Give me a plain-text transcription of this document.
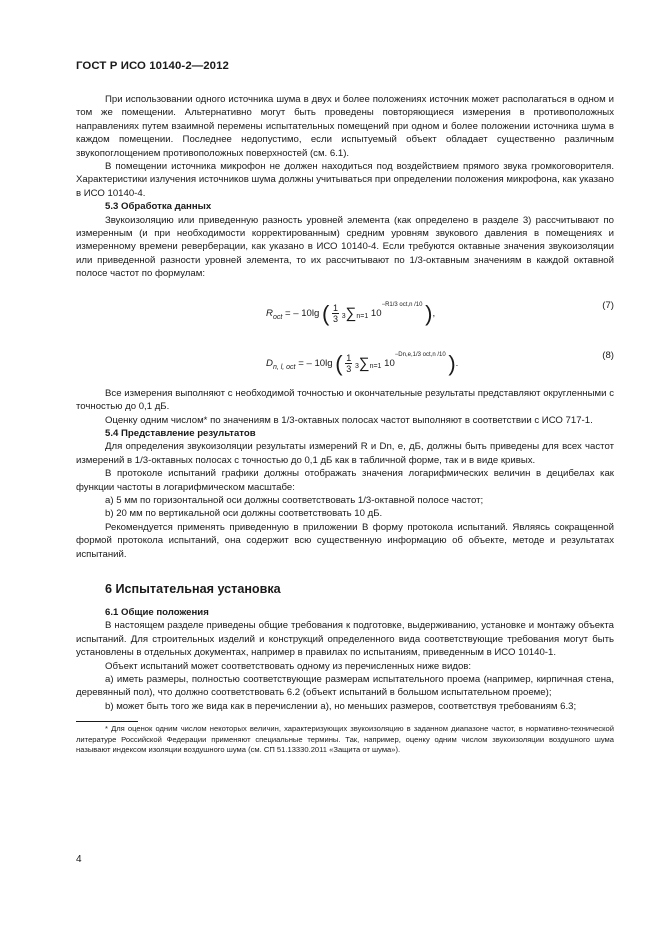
ГОСТ Р ИСО 10140-2—2012

При использовании одного источника шума в двух и более положениях источник может располагаться в одном и том же помещении. Альтернативно могут быть проведены повторяющиеся измерения в противоположных направлениях путем взаимной перемены испытательных помещений при одном и более положении источника шума в каждом помещении. Последнее недопустимо, если испытуемый объект обладает существенно различным звукопоглощением противоположных поверхностей (см. 6.1).

В помещении источника микрофон не должен находиться под воздействием прямого звука громкоговорителя. Характеристики излучения источников шума должны учитываться при определении положения микрофона, как указано в ИСО 10140-4.

5.3 Обработка данных

Звукоизоляцию или приведенную разность уровней элемента (как определено в разделе 3) рассчитывают по измеренным (и при необходимости корректированным) средним уровням звукового давления в помещениях и измеренному времени реверберации, как указано в ИСО 10140-4. Если требуются октавные значения звукоизоляции или приведенной разности уровней элемента, то их рассчитывают по 1/3-октавным значениям в каждой октавной полосе частот по формулам:

$R_{oct}$ = – 10lg ( $\frac{1}{3} 3\sum n=1$ $10^{-R1/3 oct,n /10}$ ),
(7)
$D_{n, l, oct}$ = – 10lg ( $\frac{1}{3} 3\sum n=1$ $10^{-Dn,e,1/3 oct,n /10}$ ).
(8)

Все измерения выполняют с необходимой точностью и окончательные результаты представляют округленными с точностью до 0,1 дБ.

Оценку одним числом* по значениям в 1/3-октавных полосах частот выполняют в соответствии с ИСО 717-1.

5.4 Представление результатов

Для определения звукоизоляции результаты измерений R и Dn, e, дБ, должны быть приведены для всех частот измерений в 1/3-октавных полосах с точностью до 0,1 дБ как в табличной форме, так и в виде кривых.

В протоколе испытаний графики должны отображать значения логарифмических величин в децибелах как функции частоты в логарифмическом масштабе:

a) 5 мм по горизонтальной оси должны соответствовать 1/3-октавной полосе частот;
b) 20 мм по вертикальной оси должны соответствовать 10 дБ.

Рекомендуется применять приведенную в приложении В форму протокола испытаний. Являясь сокращенной формой протокола испытаний, она содержит всю существенную информацию об объекте, методе и результатах испытаний.

6 Испытательная установка
6.1 Общие положения

В настоящем разделе приведены общие требования к подготовке, выдерживанию, установке и монтажу объекта испытаний. Для строительных изделий и конструкций определенного вида соответствующие требования могут быть установлены в отдельных документах, например в правилах по испытаниям, приведенным в ИСО 10140-1.

Объект испытаний может соответствовать одному из перечисленных ниже видов:

a) иметь размеры, полностью соответствующие размерам испытательного проема (например, кирпичная стена, деревянный пол), что должно соответствовать 6.2 (объект испытаний в большом испытательном проеме);
b) может быть того же вида как в перечислении а), но меньших размеров, соответствуя требованиям 6.3;

* Для оценок одним числом некоторых величин, характеризующих звукоизоляцию в заданном диапазоне частот, в нормативно-технической литературе Российской Федерации применяют специальные термины. Так, например, оценку одним числом звукоизоляции воздушного шума называют индексом изоляции воздушного шума (см. СП 51.13330.2011 «Защита от шума»).

4
